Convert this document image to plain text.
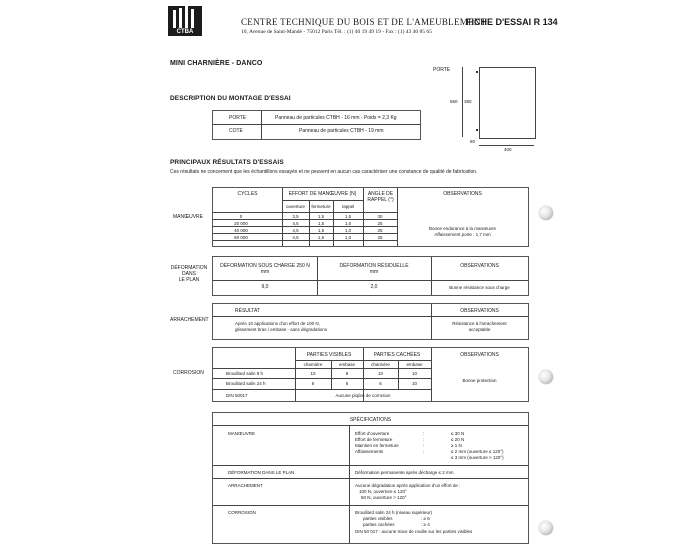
CTBA
CENTRE TECHNIQUE DU BOIS ET DE L'AMEUBLEMENT
10, Avenue de Saint-Mandé - 75012 Paris Tél. : (1) 40 19 49 19 - Fax : (1) 43 40 85 65
FICHE D'ESSAI R 134
MINI CHARNIÈRE - DANCO
DESCRIPTION DU MONTAGE D'ESSAI
PORTE	Panneau de particules CTBH - 16 mm - Poids = 2,3 Kg
COTE	Panneau de particules CTBH - 19 mm
PORTE
550 380
80
400
PRINCIPAUX RÉSULTATS D'ESSAIS
Ces résultats ne concernent que les échantillons essayés et ne peuvent en aucun cas caractériser une constance de qualité de fabrication.
MANŒUVRE
CYCLES	EFFORT DE MANŒUVRE (N)	ANGLE DE RAPPEL (°)
OBSERVATIONS
ouverture	fermeture	rappel
0	3,5	1,5	1,5	30
20 000	4,5	1,5	1,0	25
40 000	4,5	1,5	1,0	25
60 000	4,5	1,5	1,0	25
Bonne endurance à la manœuvre
Affaissement porte : 1,7 mm
DÉFORMATION
DANS
LE PLAN
DÉFORMATION SOUS CHARGE 250 N
mm
DÉFORMATION RÉSIDUELLE
mm
OBSERVATIONS
9,0	2,0	Bonne résistance sous charge
ARRACHEMENT
RÉSULTAT	OBSERVATIONS
Après 10 applications d'un effort de 100 N,
glissement bras / embase - sans dégradations
Résistance à l'arrachement
acceptable
CORROSION
PARTIES VISIBLES	PARTIES CACHÉES	OBSERVATIONS
charnière	embase	charnière	embase
Brouillard salin 8 h	10	8	10	10
Brouillard salin 24 h	6	6	6	10
DIN 50017	Aucune piqûre de corrosion
Bonne protection
SPÉCIFICATIONS
MANŒUVRE	Effort d'ouverture	:	≤ 30 N
Effort de fermeture	:	≤ 20 N
Maintien en fermeture	:	≥ 1 N
Affaissements	:	≤ 2 mm (ouverture ≤ 120°)
≤ 3 mm (ouverture > 120°)
DÉFORMATION DANS LE PLAN	Déformation permanente après décharge ≤ 2 mm
ARRACHEMENT	Aucune dégradation après application d'un effort de :
100 N, ouverture ≤ 120°
50 N, ouverture > 120°
CORROSION	Brouillard salin 24 h (niveau supérieur)
parties visibles	: ≥ 6
parties cachées	: ≥ 4
DIN 50 017 : aucune trace de rouille sur les parties visibles
